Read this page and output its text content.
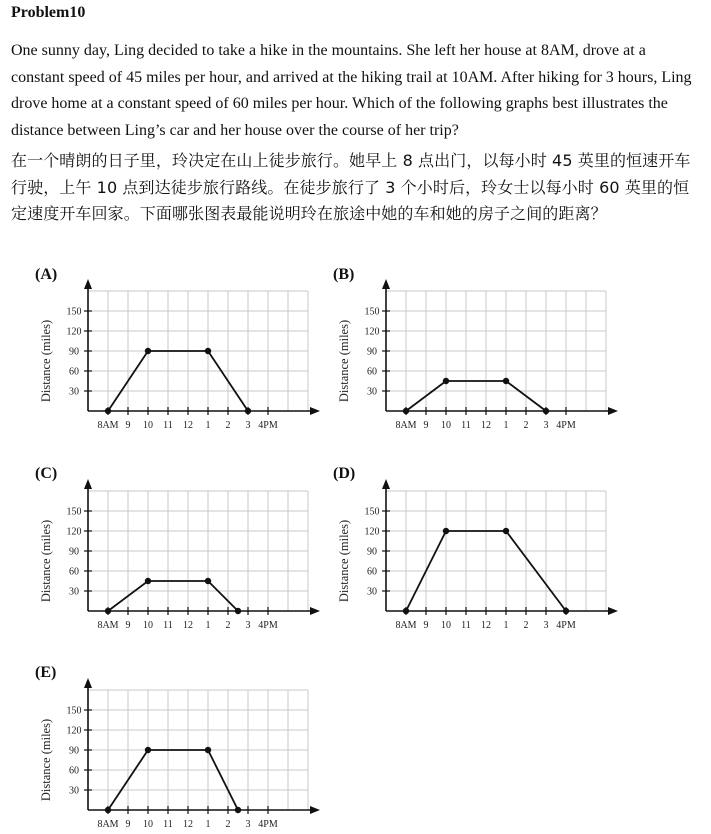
Problem10

One sunny day, Ling decided to take a hike in the mountains. She left her house at 8AM, drove at a constant speed of 45 miles per hour, and arrived at the hiking trail at 10AM. After hiking for 3 hours, Ling drove home at a constant speed of 60 miles per hour. Which of the following graphs best illustrates the distance between Ling’s car and her house over the course of her trip?

在一个晴朗的日子里，玲决定在山上徒步旅行。她早上 8 点出门，以每小时 45 英里的恒速开车行驶，上午 10 点到达徒步旅行路线。在徒步旅行了 3 个小时后，玲女士以每小时 60 英里的恒定速度开车回家。下面哪张图表最能说明玲在旅途中她的车和她的房子之间的距离？

(A)	(B)
(C)	(D)
(E)
8AM 9 10 11 12 1 2 3 4PM
30
60
90
120
150
Distance (miles)
8AM 9 10 11 12 1 2 3 4PM
30
60
90
120
150
Distance (miles)
8AM 9 10 11 12 1 2 3 4PM
30
60
90
120
150
Distance (miles)
8AM 9 10 11 12 1 2 3 4PM
30
60
90
120
150
Distance (miles)
8AM 9 10 11 12 1 2 3 4PM
30
60
90
120
150
Distance (miles)
